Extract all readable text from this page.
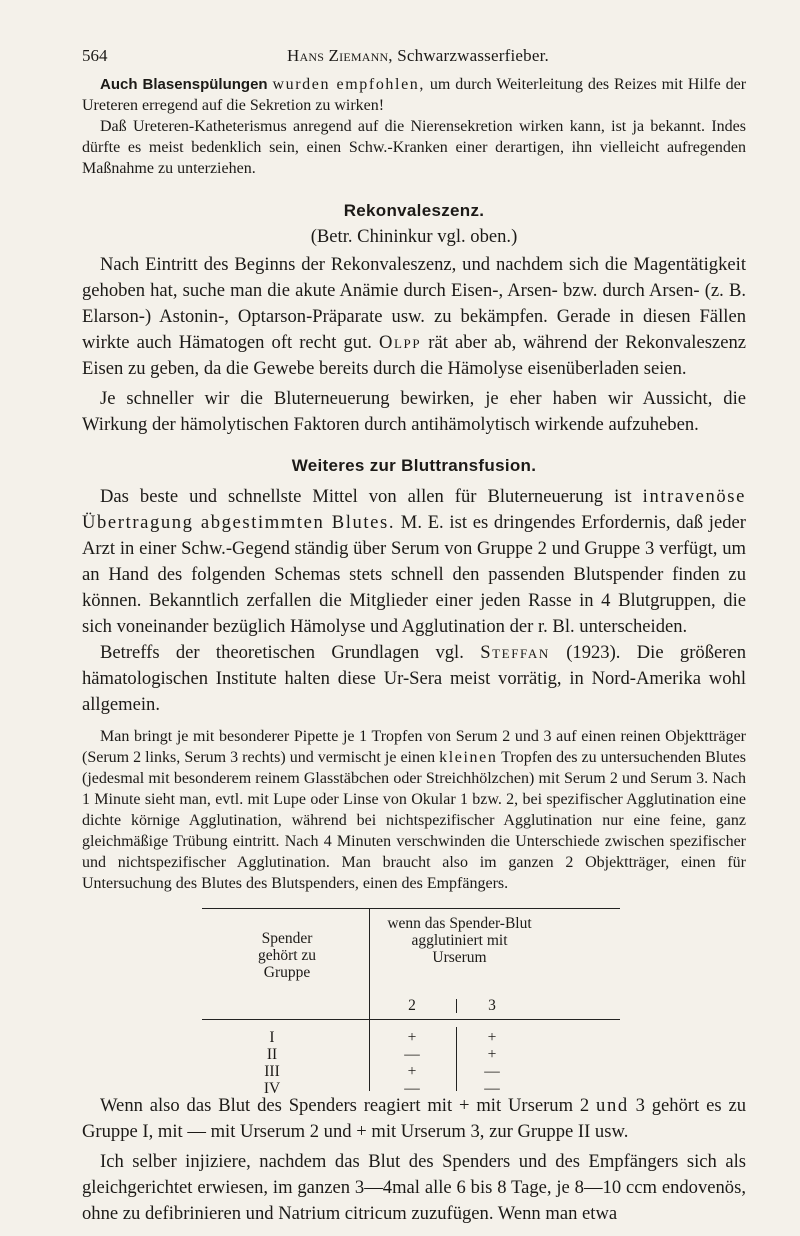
564	Hans Ziemann, Schwarzwasserfieber.

Auch Blasenspülungen wurden empfohlen, um durch Weiterleitung des Reizes mit Hilfe der Ureteren erregend auf die Sekretion zu wirken!

Daß Ureteren-Katheterismus anregend auf die Nierensekretion wirken kann, ist ja bekannt. Indes dürfte es meist bedenklich sein, einen Schw.-Kranken einer derartigen, ihn vielleicht aufregenden Maßnahme zu unterziehen.

Rekonvaleszenz.
(Betr. Chininkur vgl. oben.)

Nach Eintritt des Beginns der Rekonvaleszenz, und nachdem sich die Magentätigkeit gehoben hat, suche man die akute Anämie durch Eisen-, Arsen- bzw. durch Arsen- (z. B. Elarson-) Astonin-, Optarson-Präparate usw. zu bekämpfen. Gerade in diesen Fällen wirkte auch Hämatogen oft recht gut. Olpp rät aber ab, während der Rekonvaleszenz Eisen zu geben, da die Gewebe bereits durch die Hämolyse eisenüberladen seien.

Je schneller wir die Bluterneuerung bewirken, je eher haben wir Aussicht, die Wirkung der hämolytischen Faktoren durch antihämolytisch wirkende aufzuheben.

Weiteres zur Bluttransfusion.

Das beste und schnellste Mittel von allen für Bluterneuerung ist intravenöse Übertragung abgestimmten Blutes. M. E. ist es dringendes Erfordernis, daß jeder Arzt in einer Schw.-Gegend ständig über Serum von Gruppe 2 und Gruppe 3 verfügt, um an Hand des folgenden Schemas stets schnell den passenden Blutspender finden zu können. Bekanntlich zerfallen die Mitglieder einer jeden Rasse in 4 Blutgruppen, die sich voneinander bezüglich Hämolyse und Agglutination der r. Bl. unterscheiden.

Betreffs der theoretischen Grundlagen vgl. Steffan (1923). Die größeren hämatologischen Institute halten diese Ur-Sera meist vorrätig, in Nord-Amerika wohl allgemein.

Man bringt je mit besonderer Pipette je 1 Tropfen von Serum 2 und 3 auf einen reinen Objektträger (Serum 2 links, Serum 3 rechts) und vermischt je einen kleinen Tropfen des zu untersuchenden Blutes (jedesmal mit besonderem reinem Glasstäbchen oder Streichhölzchen) mit Serum 2 und Serum 3. Nach 1 Minute sieht man, evtl. mit Lupe oder Linse von Okular 1 bzw. 2, bei spezifischer Agglutination eine dichte körnige Agglutination, während bei nichtspezifischer Agglutination nur eine feine, ganz gleichmäßige Trübung eintritt. Nach 4 Minuten verschwinden die Unterschiede zwischen spezifischer und nichtspezifischer Agglutination. Man braucht also im ganzen 2 Objektträger, einen für Untersuchung des Blutes des Blutspenders, einen des Empfängers.

Spender
gehört zu
Gruppe
wenn das Spender-Blut
agglutiniert mit
Urserum
2	3
I
II
III
IV
+
—
+
—
+
+
—
—

Wenn also das Blut des Spenders reagiert mit + mit Urserum 2 und 3 gehört es zu Gruppe I, mit — mit Urserum 2 und + mit Urserum 3, zur Gruppe II usw.

Ich selber injiziere, nachdem das Blut des Spenders und des Empfängers sich als gleichgerichtet erwiesen, im ganzen 3—4mal alle 6 bis 8 Tage, je 8—10 ccm endovenös, ohne zu defibrinieren und Natrium citricum zuzufügen. Wenn man etwa
